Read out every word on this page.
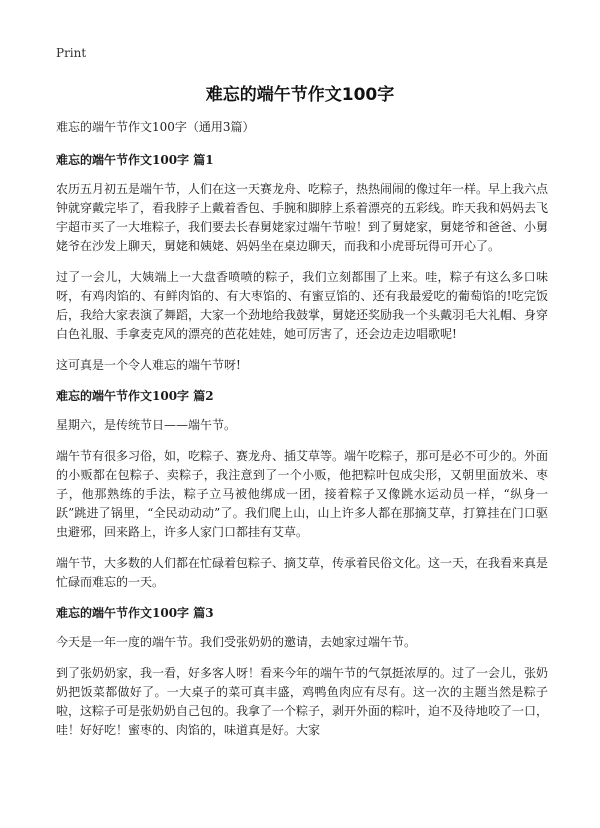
Print
难忘的端午节作文100字
难忘的端午节作文100字（通用3篇）
难忘的端午节作文100字 篇1

农历五月初五是端午节，人们在这一天赛龙舟、吃粽子，热热闹闹的像过年一样。早上我六点钟就穿戴完毕了，看我脖子上戴着香包、手腕和脚脖上系着漂亮的五彩线。昨天我和妈妈去飞宇超市买了一大堆粽子，我们要去长春舅姥家过端午节啦！到了舅姥家，舅姥爷和爸爸、小舅姥爷在沙发上聊天，舅姥和姨姥、妈妈坐在桌边聊天，而我和小虎哥玩得可开心了。

过了一会儿，大姨端上一大盘香喷喷的粽子，我们立刻都围了上来。哇，粽子有这么多口味呀，有鸡肉馅的、有鲜肉馅的、有大枣馅的、有蜜豆馅的、还有我最爱吃的葡萄馅的!吃完饭后，我给大家表演了舞蹈，大家一个劲地给我鼓掌，舅姥还奖励我一个头戴羽毛大礼帽、身穿白色礼服、手拿麦克风的漂亮的芭花娃娃，她可厉害了，还会边走边唱歌呢!

这可真是一个令人难忘的端午节呀!

难忘的端午节作文100字 篇2

星期六，是传统节日——端午节。

端午节有很多习俗，如，吃粽子、赛龙舟、插艾草等。端午吃粽子，那可是必不可少的。外面的小贩都在包粽子、卖粽子，我注意到了一个小贩，他把粽叶包成尖形，又朝里面放米、枣子，他那熟练的手法，粽子立马被他绑成一团，接着粽子又像跳水运动员一样，“纵身一跃”跳进了锅里，“全民动动动”了。我们爬上山，山上许多人都在那摘艾草，打算挂在门口驱虫避邪，回来路上，许多人家门口都挂有艾草。

端午节，大多数的人们都在忙碌着包粽子、摘艾草，传承着民俗文化。这一天，在我看来真是忙碌而难忘的一天。

难忘的端午节作文100字 篇3

今天是一年一度的端午节。我们受张奶奶的邀请，去她家过端午节。

到了张奶奶家，我一看，好多客人呀！看来今年的端午节的气氛挺浓厚的。过了一会儿，张奶奶把饭菜都做好了。一大桌子的菜可真丰盛，鸡鸭鱼肉应有尽有。这一次的主题当然是粽子啦，这粽子可是张奶奶自己包的。我拿了一个粽子，剥开外面的粽叶，迫不及待地咬了一口，哇！好好吃！蜜枣的、肉馅的，味道真是好。大家
